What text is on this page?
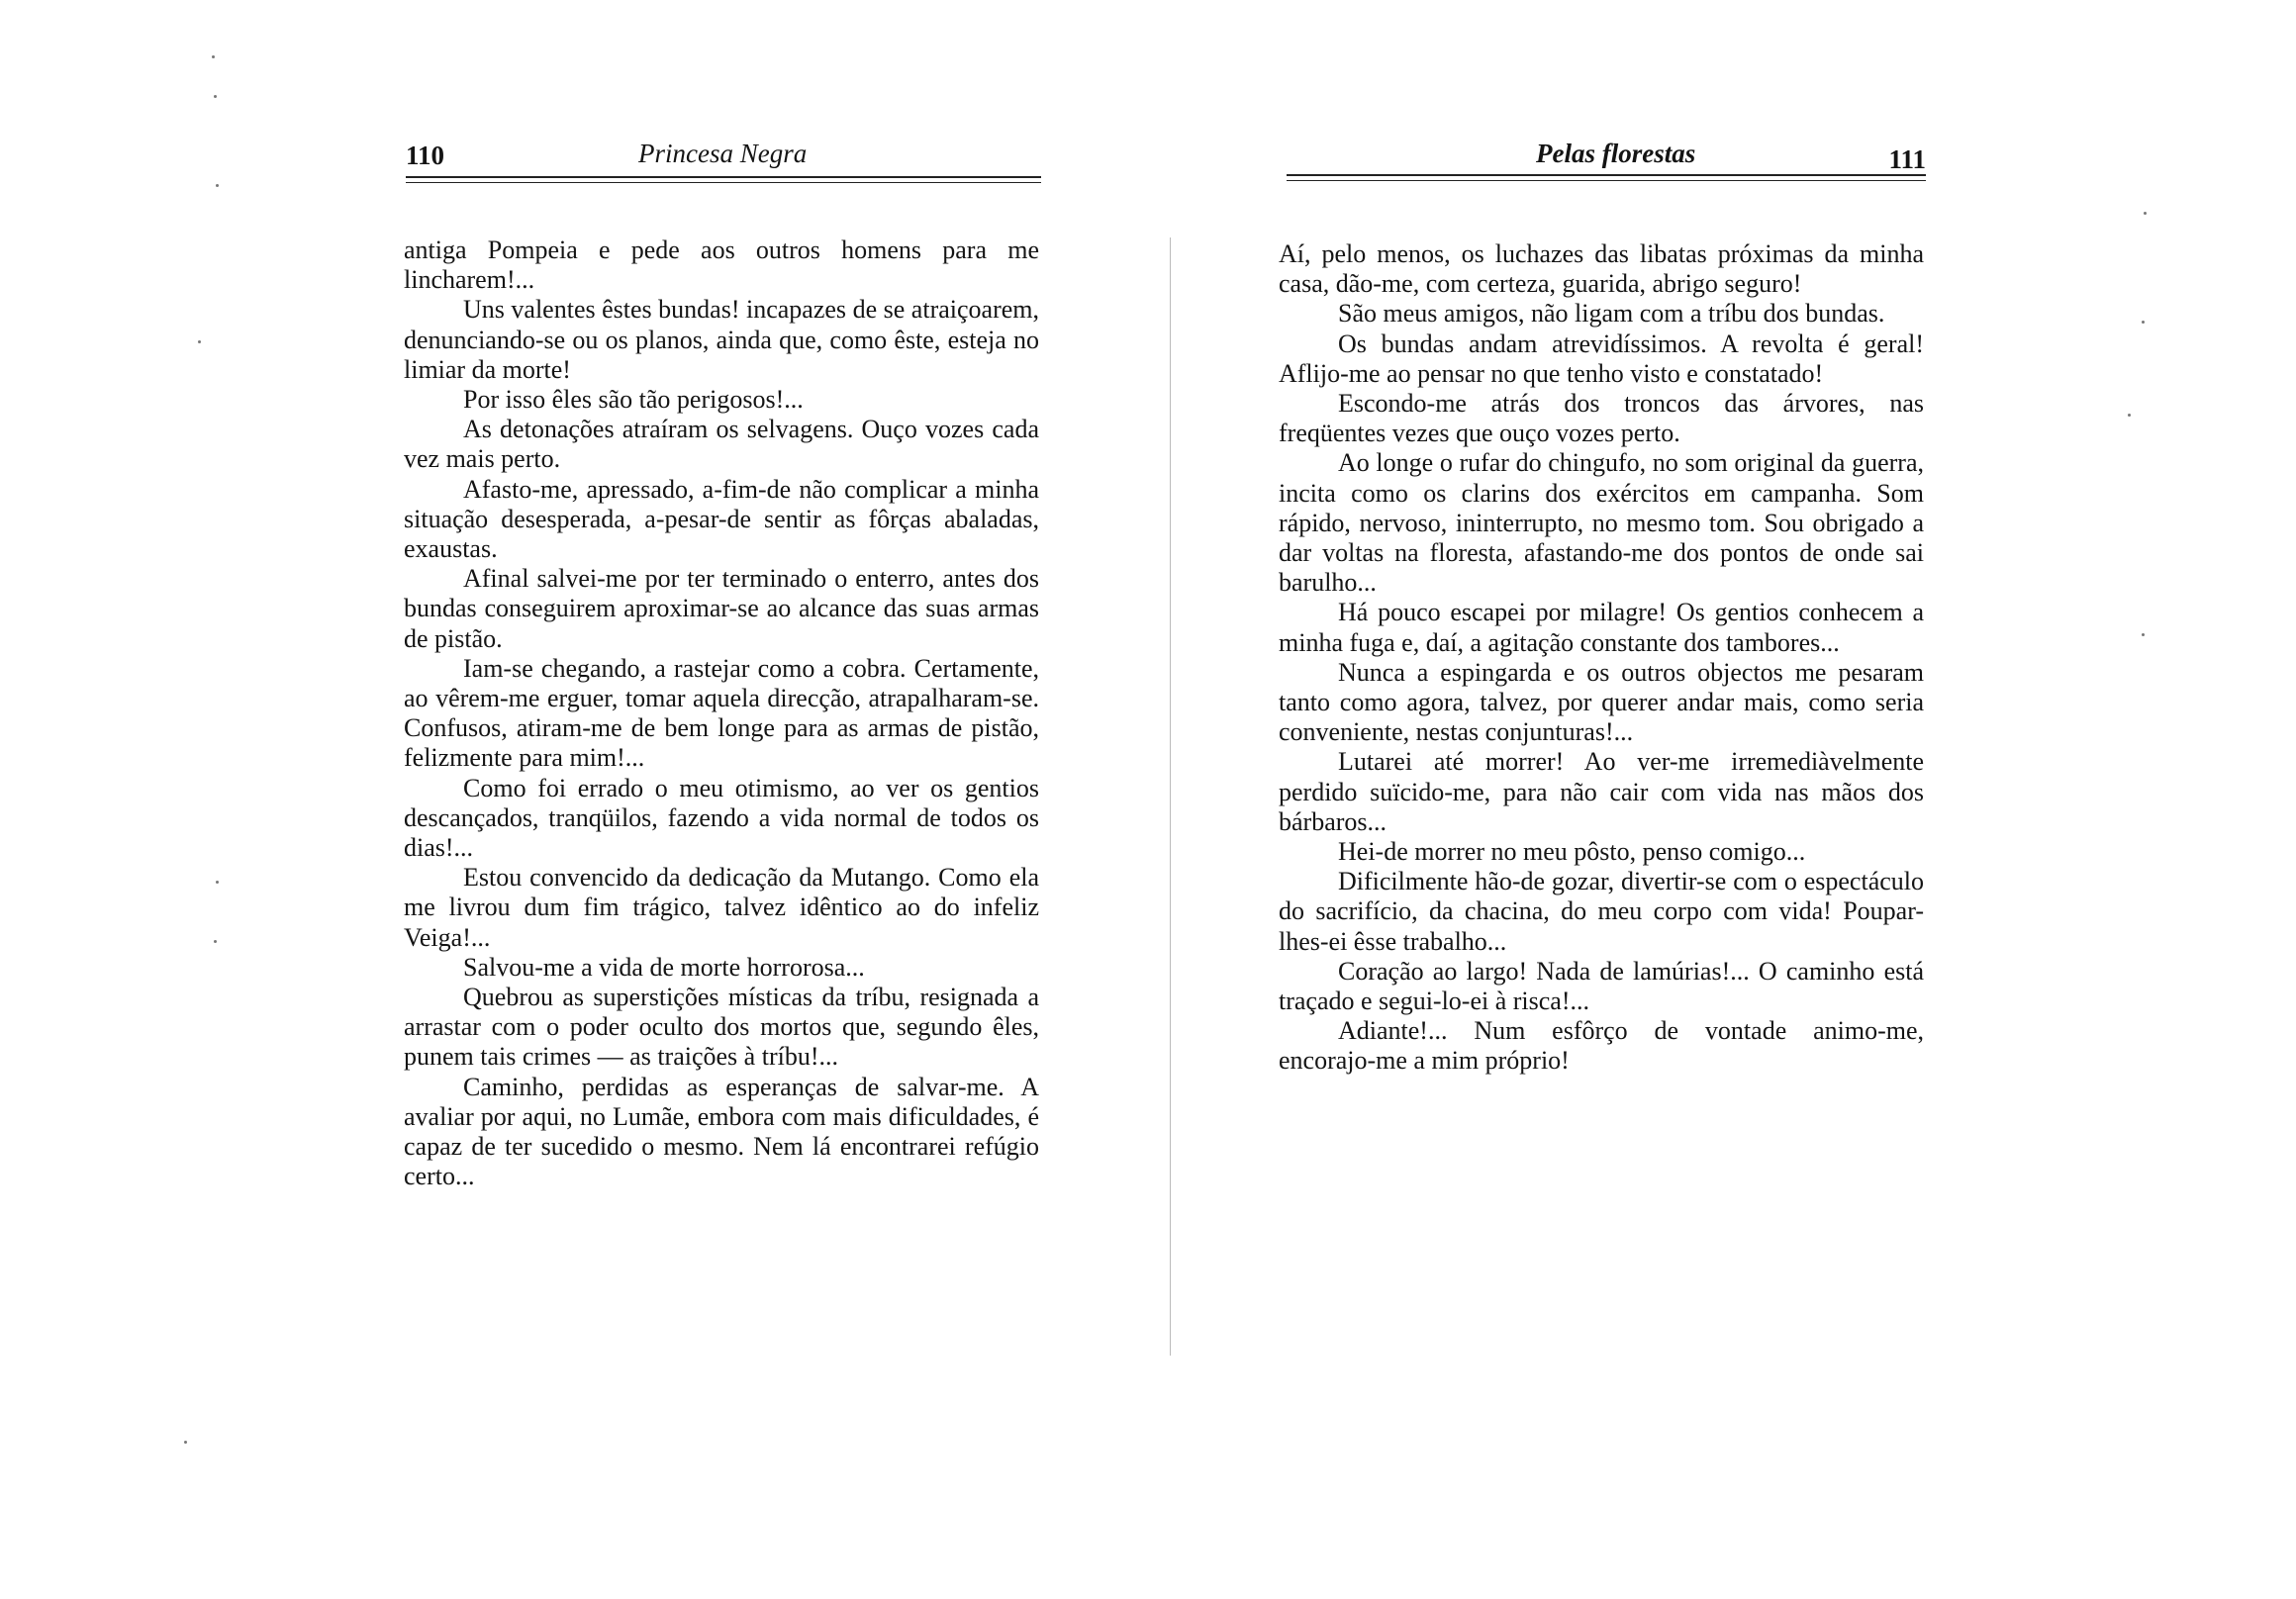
110	Princesa Negra

antiga Pompeia e pede aos outros homens para me lincharem!...

Uns valentes êstes bundas! incapazes de se atraiçoarem, denunciando-se ou os planos, ainda que, como êste, esteja no limiar da morte!

Por isso êles são tão perigosos!...

As detonações atraíram os selvagens. Ouço vozes cada vez mais perto.

Afasto-me, apressado, a-fim-de não complicar a minha situação desesperada, a-pesar-de sentir as fôrças abaladas, exaustas.

Afinal salvei-me por ter terminado o enterro, antes dos bundas conseguirem aproximar-se ao alcance das suas armas de pistão.

Iam-se chegando, a rastejar como a cobra. Certamente, ao vêrem-me erguer, tomar aquela direcção, atrapalharam-se. Confusos, atiram-me de bem longe para as armas de pistão, felizmente para mim!...

Como foi errado o meu otimismo, ao ver os gentios descançados, tranqüilos, fazendo a vida normal de todos os dias!...

Estou convencido da dedicação da Mutango. Como ela me livrou dum fim trágico, talvez idêntico ao do infeliz Veiga!...

Salvou-me a vida de morte horrorosa...

Quebrou as superstições místicas da tríbu, resignada a arrastar com o poder oculto dos mortos que, segundo êles, punem tais crimes — as traições à tríbu!...

Caminho, perdidas as esperanças de salvar-me. A avaliar por aqui, no Lumãe, embora com mais dificuldades, é capaz de ter sucedido o mesmo. Nem lá encontrarei refúgio certo...

Pelas florestas	111

Aí, pelo menos, os luchazes das libatas próximas da minha casa, dão-me, com certeza, guarida, abrigo seguro!

São meus amigos, não ligam com a tríbu dos bundas.

Os bundas andam atrevidíssimos. A revolta é geral! Aflijo-me ao pensar no que tenho visto e constatado!

Escondo-me atrás dos troncos das árvores, nas freqüentes vezes que ouço vozes perto.

Ao longe o rufar do chingufo, no som original da guerra, incita como os clarins dos exércitos em campanha. Som rápido, nervoso, ininterrupto, no mesmo tom. Sou obrigado a dar voltas na floresta, afastando-me dos pontos de onde sai barulho...

Há pouco escapei por milagre! Os gentios conhecem a minha fuga e, daí, a agitação constante dos tambores...

Nunca a espingarda e os outros objectos me pesaram tanto como agora, talvez, por querer andar mais, como seria conveniente, nestas conjunturas!...

Lutarei até morrer! Ao ver-me irremediàvelmente perdido suïcido-me, para não cair com vida nas mãos dos bárbaros...

Hei-de morrer no meu pôsto, penso comigo...

Dificilmente hão-de gozar, divertir-se com o espectáculo do sacrifício, da chacina, do meu corpo com vida! Poupar-lhes-ei êsse trabalho...

Coração ao largo! Nada de lamúrias!... O caminho está traçado e segui-lo-ei à risca!...

Adiante!... Num esfôrço de vontade animo-me, encorajo-me a mim próprio!
